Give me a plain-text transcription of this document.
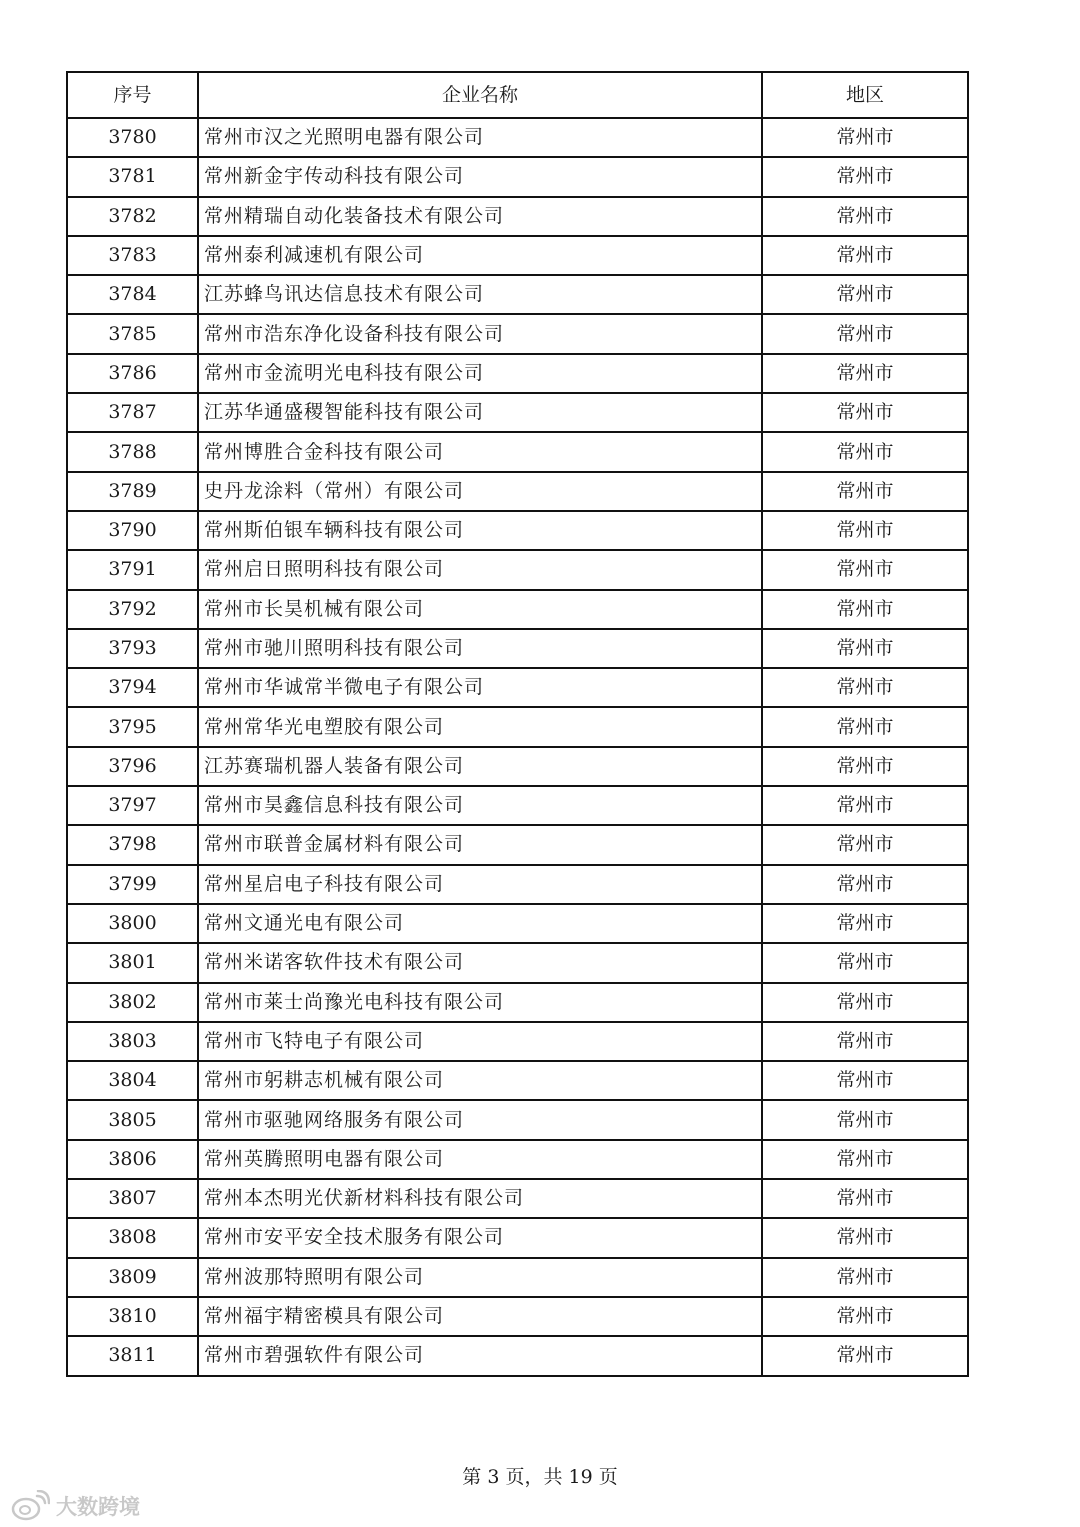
序号	企业名称	地区
3780	常州市汉之光照明电器有限公司	常州市
3781	常州新金宇传动科技有限公司	常州市
3782	常州精瑞自动化装备技术有限公司	常州市
3783	常州泰利减速机有限公司	常州市
3784	江苏蜂鸟讯达信息技术有限公司	常州市
3785	常州市浩东净化设备科技有限公司	常州市
3786	常州市金流明光电科技有限公司	常州市
3787	江苏华通盛稷智能科技有限公司	常州市
3788	常州博胜合金科技有限公司	常州市
3789	史丹龙涂料（常州）有限公司	常州市
3790	常州斯伯银车辆科技有限公司	常州市
3791	常州启日照明科技有限公司	常州市
3792	常州市长昊机械有限公司	常州市
3793	常州市驰川照明科技有限公司	常州市
3794	常州市华诚常半微电子有限公司	常州市
3795	常州常华光电塑胶有限公司	常州市
3796	江苏赛瑞机器人装备有限公司	常州市
3797	常州市昊鑫信息科技有限公司	常州市
3798	常州市联普金属材料有限公司	常州市
3799	常州星启电子科技有限公司	常州市
3800	常州文通光电有限公司	常州市
3801	常州米诺客软件技术有限公司	常州市
3802	常州市莱士尚豫光电科技有限公司	常州市
3803	常州市飞特电子有限公司	常州市
3804	常州市躬耕志机械有限公司	常州市
3805	常州市驱驰网络服务有限公司	常州市
3806	常州英腾照明电器有限公司	常州市
3807	常州本杰明光伏新材料科技有限公司	常州市
3808	常州市安平安全技术服务有限公司	常州市
3809	常州波那特照明有限公司	常州市
3810	常州福宇精密模具有限公司	常州市
3811	常州市碧强软件有限公司	常州市
第 3 页，共 19 页
大数跨境
